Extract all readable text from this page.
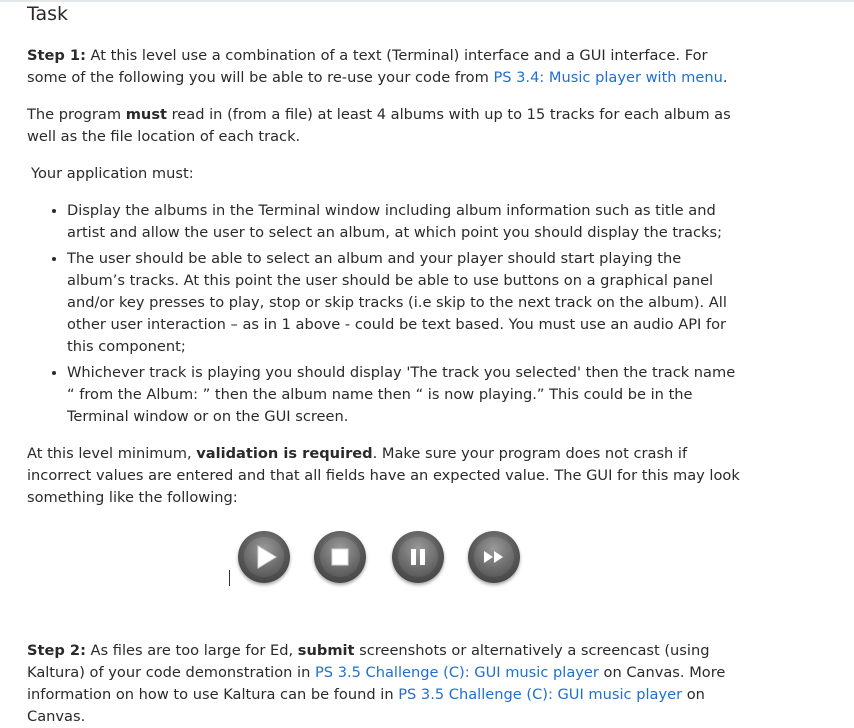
Task

Step 1: At this level use a combination of a text (Terminal) interface and a GUI interface. For some of the following you will be able to re-use your code from PS 3.4: Music player with menu.

The program must read in (from a file) at least 4 albums with up to 15 tracks for each album as well as the file location of each track.

Your application must:

• Display the albums in the Terminal window including album information such as title and artist and allow the user to select an album, at which point you should display the tracks;
• The user should be able to select an album and your player should start playing the album’s tracks. At this point the user should be able to use buttons on a graphical panel and/or key presses to play, stop or skip tracks (i.e skip to the next track on the album). All other user interaction – as in 1 above - could be text based. You must use an audio API for this component;
• Whichever track is playing you should display 'The track you selected' then the track name “ from the Album: ” then the album name then “ is now playing.” This could be in the Terminal window or on the GUI screen.

At this level minimum, validation is required. Make sure your program does not crash if incorrect values are entered and that all fields have an expected value. The GUI for this may look something like the following:

Step 2: As files are too large for Ed, submit screenshots or alternatively a screencast (using Kaltura) of your code demonstration in PS 3.5 Challenge (C): GUI music player on Canvas. More information on how to use Kaltura can be found in PS 3.5 Challenge (C): GUI music player on Canvas.
